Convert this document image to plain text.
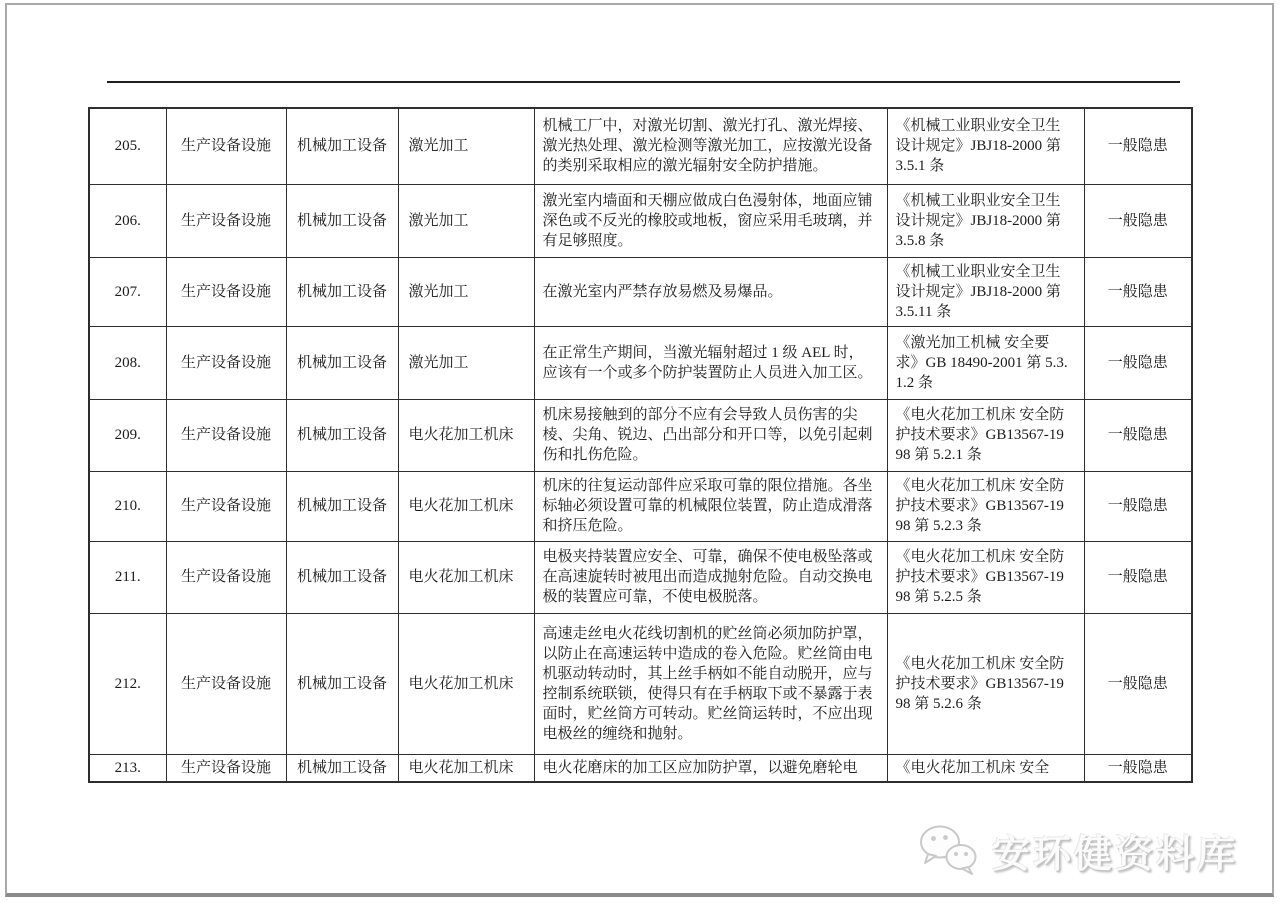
205.	生产设备设施	机械加工设备	激光加工	机械工厂中，对激光切割、激光打孔、激光焊接、激光热处理、激光检测等激光加工，应按激光设备的类别采取相应的激光辐射安全防护措施。	《机械工业职业安全卫生设计规定》JBJ18-2000 第 3.5.1 条	一般隐患
206.	生产设备设施	机械加工设备	激光加工	激光室内墙面和天棚应做成白色漫射体，地面应铺深色或不反光的橡胶或地板，窗应采用毛玻璃，并有足够照度。	《机械工业职业安全卫生设计规定》JBJ18-2000 第 3.5.8 条	一般隐患
207.	生产设备设施	机械加工设备	激光加工	在激光室内严禁存放易燃及易爆品。	《机械工业职业安全卫生设计规定》JBJ18-2000 第 3.5.11 条	一般隐患
208.	生产设备设施	机械加工设备	激光加工	在正常生产期间，当激光辐射超过 1 级 AEL 时，应该有一个或多个防护装置防止人员进入加工区。	《激光加工机械 安全要求》GB 18490-2001 第 5.3.1.2 条	一般隐患
209.	生产设备设施	机械加工设备	电火花加工机床	机床易接触到的部分不应有会导致人员伤害的尖棱、尖角、锐边、凸出部分和开口等，以免引起刺伤和扎伤危险。	《电火花加工机床 安全防护技术要求》GB13567-1998 第 5.2.1 条	一般隐患
210.	生产设备设施	机械加工设备	电火花加工机床	机床的往复运动部件应采取可靠的限位措施。各坐标轴必须设置可靠的机械限位装置，防止造成滑落和挤压危险。	《电火花加工机床 安全防护技术要求》GB13567-1998 第 5.2.3 条	一般隐患
211.	生产设备设施	机械加工设备	电火花加工机床	电极夹持装置应安全、可靠，确保不使电极坠落或在高速旋转时被甩出而造成抛射危险。自动交换电极的装置应可靠，不使电极脱落。	《电火花加工机床 安全防护技术要求》GB13567-1998 第 5.2.5 条	一般隐患
212.	生产设备设施	机械加工设备	电火花加工机床	高速走丝电火花线切割机的贮丝筒必须加防护罩，以防止在高速运转中造成的卷入危险。贮丝筒由电机驱动转动时，其上丝手柄如不能自动脱开，应与控制系统联锁，使得只有在手柄取下或不暴露于表面时，贮丝筒方可转动。贮丝筒运转时，不应出现电极丝的缠绕和抛射。	《电火花加工机床 安全防护技术要求》GB13567-1998 第 5.2.6 条	一般隐患
213.	生产设备设施	机械加工设备	电火花加工机床	电火花磨床的加工区应加防护罩，以避免磨轮电	《电火花加工机床 安全	一般隐患
安环健资料库
